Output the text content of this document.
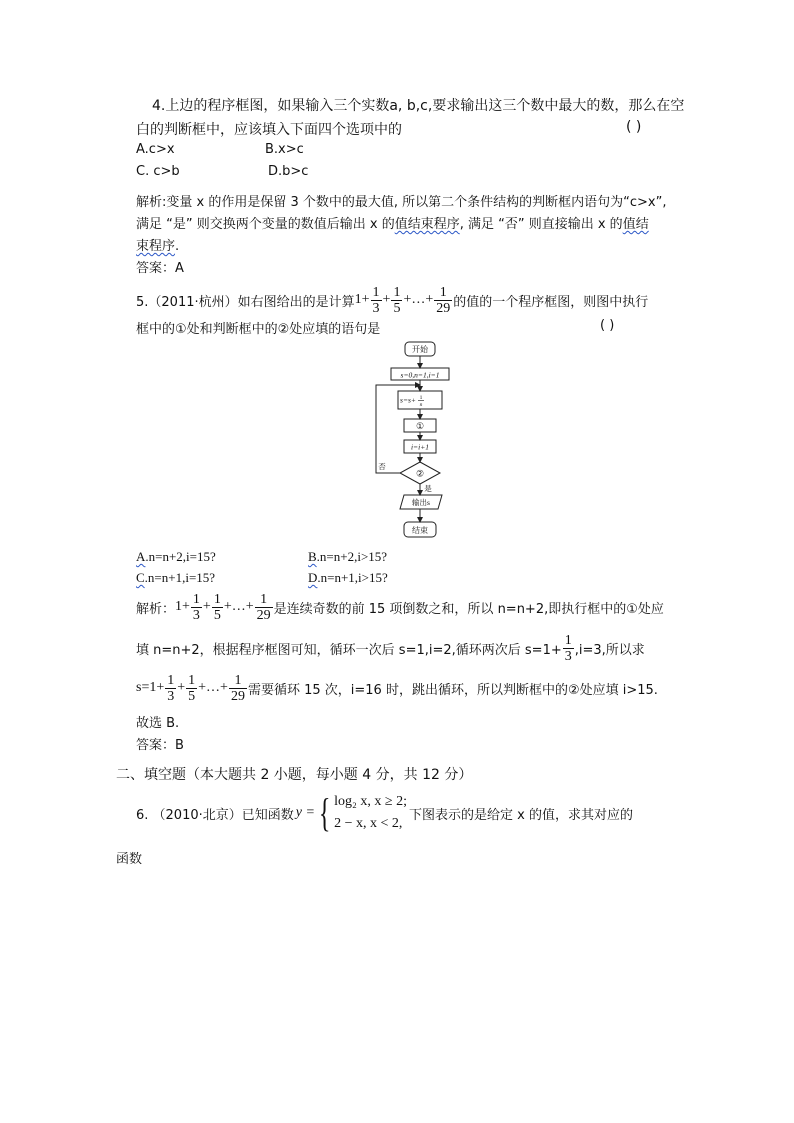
4.上边的程序框图，如果输入三个实数a, b,c,要求输出这三个数中最大的数，那么在空
白的判断框中，应该填入下面四个选项中的	( )
A.c>x	B.x>c
C. c>b	D.b>c
解析:变量 x 的作用是保留 3 个数中的最大值, 所以第二个条件结构的判断框内语句为“c>x”,
满足 “是” 则交换两个变量的数值后输出 x 的值结束程序, 满足 “否” 则直接输出 x 的值结
束程序.
答案：A
5.（2011·杭州）如右图给出的是计算 $1+ \frac{1}{3} + \frac{1}{5}$ +…+ $\frac{1}{29}$ 的值的一个程序框图，则图中执行
框中的①处和判断框中的②处应填的语句是	( )
开始
s=0,n=1,i=1
s=s+ 1
n
①
i=i+1
②
否
是
输出s
结束
A.n=n+2,i=15?	B.n=n+2,i>15?
C.n=n+1,i=15?	D.n=n+1,i>15?
解析： $1+ \frac{1}{3} + \frac{1}{5}$ +…+ $\frac{1}{29}$ 是连续奇数的前 15 项倒数之和，所以 n=n+2,即执行框中的①处应
填 n=n+2，根据程序框图可知，循环一次后 s=1,i=2,循环两次后 $s=1+ \frac{1}{3} ,i=3$,所以求
$s=1+ \frac{1}{3} + \frac{1}{5}$ +…+ $\frac{1}{29}$ 需要循环 15 次，i=16 时，跳出循环，所以判断框中的②处应填 i>15.
故选 B.
答案：B
二、填空题（本大题共 2 小题，每小题 4 分，共 12 分）
6. （2010·北京）已知函数 y = { log₂ x, x ≥ 2;
2 − x, x < 2,
下图表示的是给定 x 的值，求其对应的
函数
